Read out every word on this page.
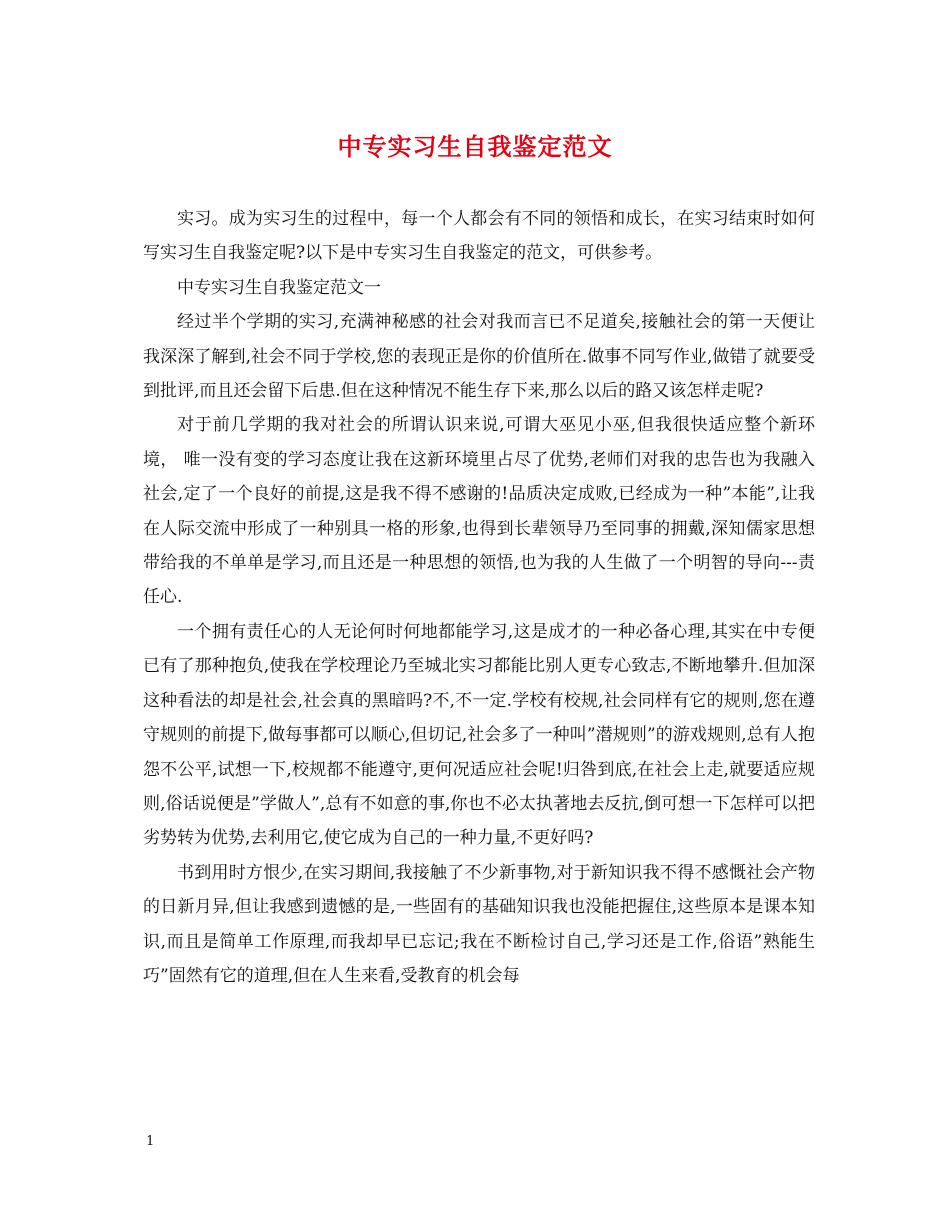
中专实习生自我鉴定范文

实习。成为实习生的过程中，每一个人都会有不同的领悟和成长，在实习结束时如何写实习生自我鉴定呢?以下是中专实习生自我鉴定的范文，可供参考。

中专实习生自我鉴定范文一

经过半个学期的实习,充满神秘感的社会对我而言已不足道矣,接触社会的第一天便让我深深了解到,社会不同于学校,您的表现正是你的价值所在.做事不同写作业,做错了就要受到批评,而且还会留下后患.但在这种情况不能生存下来,那么以后的路又该怎样走呢?

对于前几学期的我对社会的所谓认识来说,可谓大巫见小巫,但我很快适应整个新环境， 唯一没有变的学习态度让我在这新环境里占尽了优势,老师们对我的忠告也为我融入社会,定了一个良好的前提,这是我不得不感谢的!品质决定成败,已经成为一种”本能”,让我在人际交流中形成了一种别具一格的形象,也得到长辈领导乃至同事的拥戴,深知儒家思想带给我的不单单是学习,而且还是一种思想的领悟,也为我的人生做了一个明智的导向---责任心.

一个拥有责任心的人无论何时何地都能学习,这是成才的一种必备心理,其实在中专便已有了那种抱负,使我在学校理论乃至城北实习都能比别人更专心致志,不断地攀升.但加深这种看法的却是社会,社会真的黑暗吗?不,不一定.学校有校规,社会同样有它的规则,您在遵守规则的前提下,做每事都可以顺心,但切记,社会多了一种叫”潜规则”的游戏规则,总有人抱怨不公平,试想一下,校规都不能遵守,更何况适应社会呢!归咎到底,在社会上走,就要适应规则,俗话说便是”学做人”,总有不如意的事,你也不必太执著地去反抗,倒可想一下怎样可以把劣势转为优势,去利用它,使它成为自己的一种力量,不更好吗?

书到用时方恨少,在实习期间,我接触了不少新事物,对于新知识我不得不感慨社会产物的日新月异,但让我感到遗憾的是,一些固有的基础知识我也没能把握住,这些原本是课本知识,而且是简单工作原理,而我却早已忘记;我在不断检讨自己,学习还是工作,俗语”熟能生巧”固然有它的道理,但在人生来看,受教育的机会每

1
